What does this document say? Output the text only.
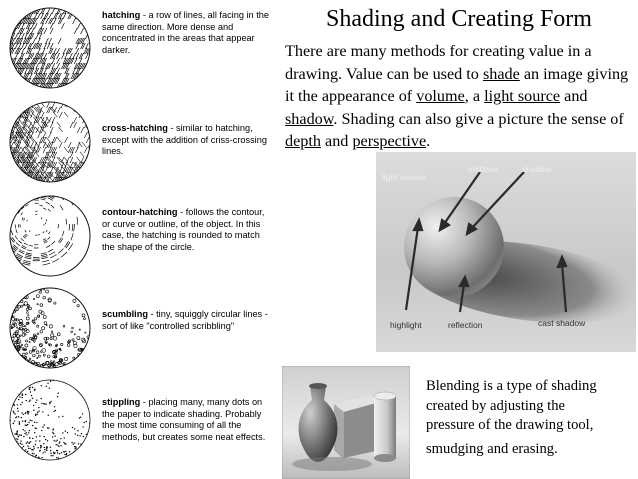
hatching - a row of lines, all facing in the same direction. More dense and concentrated in the areas that appear darker.
cross-hatching - similar to hatching, except with the addition of criss-crossing lines.
contour-hatching - follows the contour, or curve or outline, of the object. In this case, the hatching is rounded to match the shape of the circle.
scumbling - tiny, squiggly circular lines - sort of like "controlled scribbling"
stippling - placing many, many dots on the paper to indicate shading. Probably the most time consuming of all the methods, but creates some neat effects.
Shading and Creating Form
There are many methods for creating value in a drawing. Value can be used to shade an image giving it the appearance of volume, a light source and shadow. Shading can also give a picture the sense of depth and perspective.
light source
midtone	shadow
highlight	reflection	cast shadow
Blending is a type of shading
created by adjusting the
pressure of the drawing tool,
smudging and erasing.
